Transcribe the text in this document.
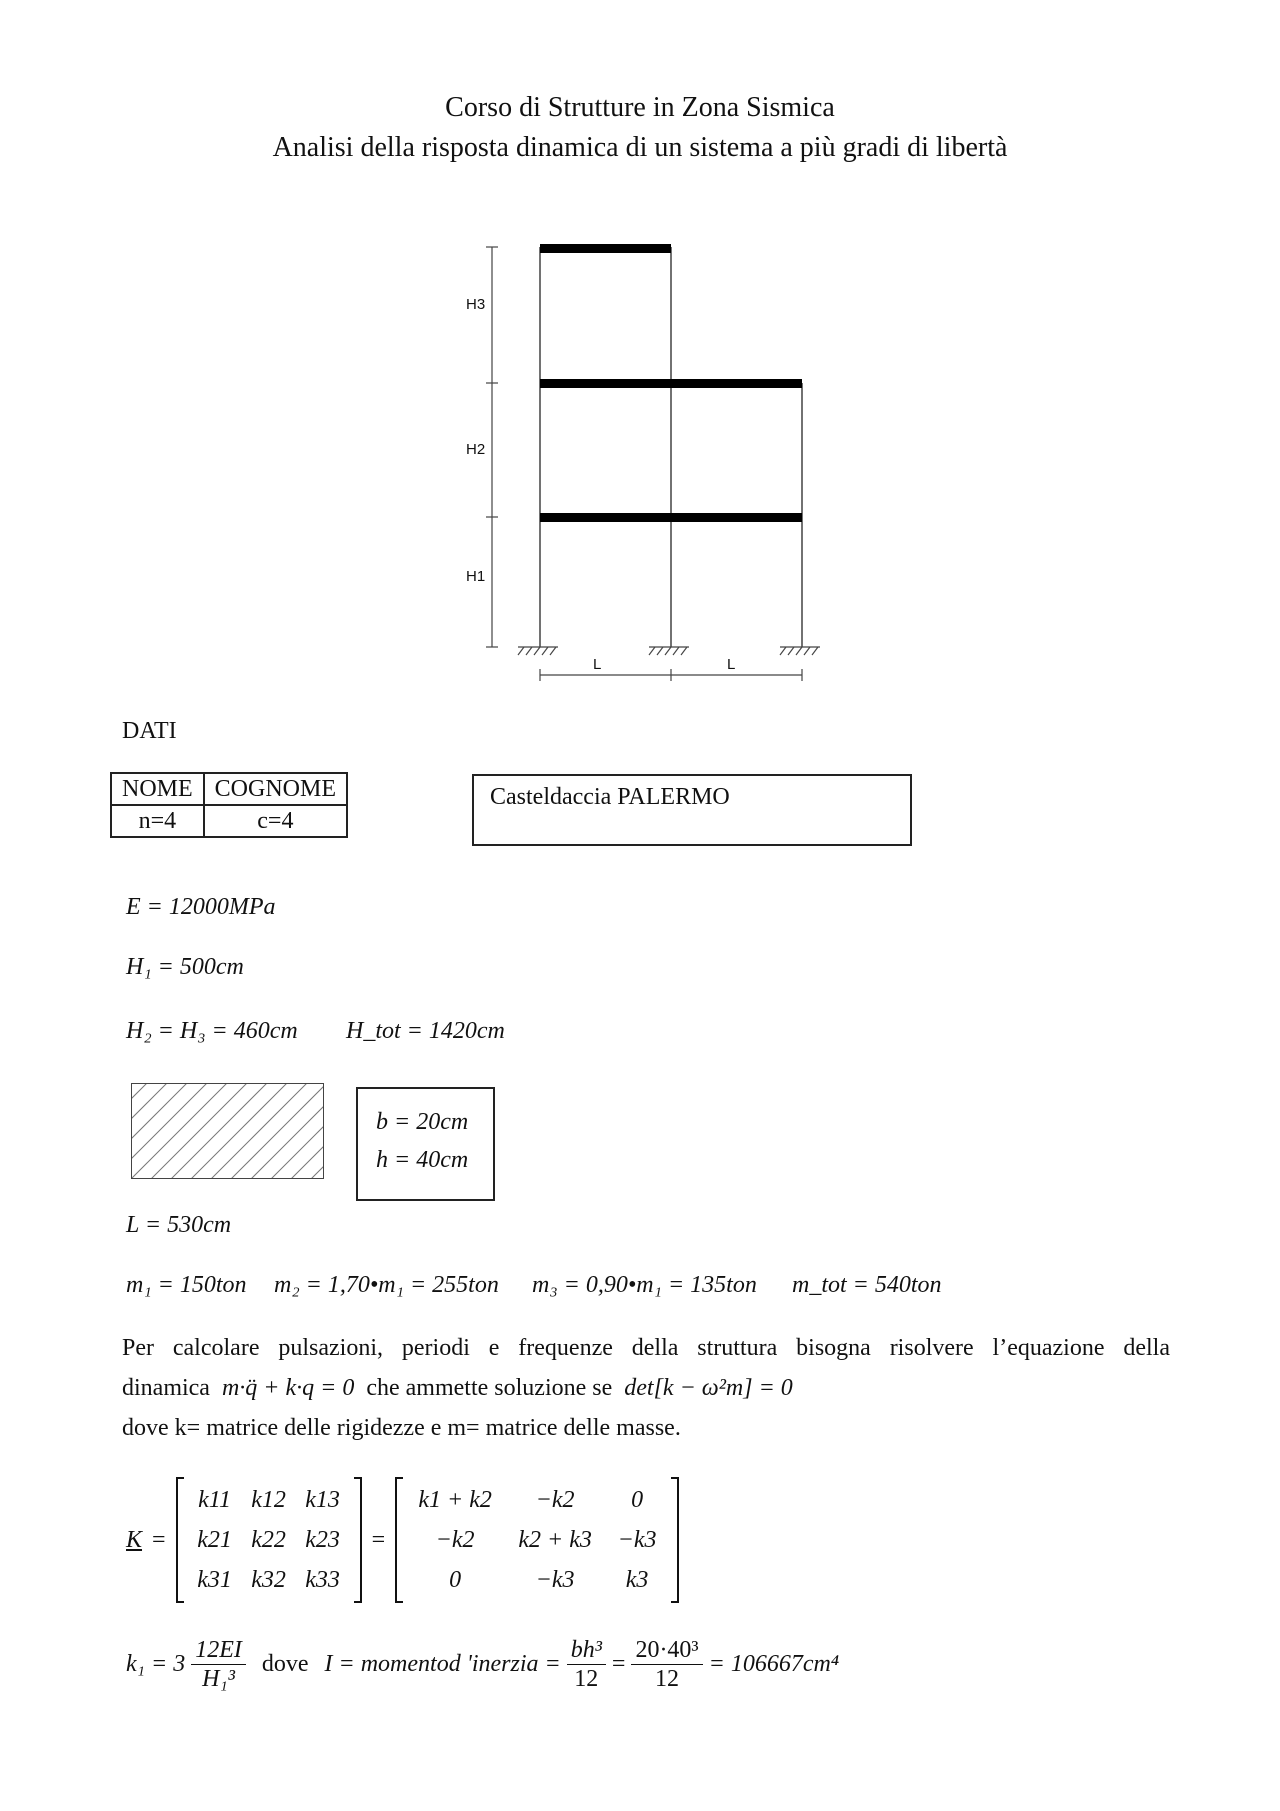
Corso di Strutture in Zona Sismica
Analisi della risposta dinamica di un sistema a più gradi di libertà
H3
H2
H1
L	L
DATI
NOME	COGNOME
n=4	c=4
Casteldaccia PALERMO
E = 12000MPa
H₁ = 500cm
H₂ = H₃ = 460cm H_tot = 1420cm
b = 20cm
h = 40cm
L = 530cm
m₁ = 150ton m₂ = 1,70•m₁ = 255ton m₃ = 0,90•m₁ = 135ton m_tot = 540ton
Per calcolare pulsazioni, periodi e frequenze della struttura bisogna risolvere l’equazione della
dinamica m·q̈ + k·q = 0 che ammette soluzione se det[k − ω²m] = 0
dove k= matrice delle rigidezze e m= matrice delle masse.
K =
k11 k12 k13
k21 k22 k23
k31 k32 k33
=
k1 + k2	−k2	0
−k2	k2 + k3	−k3
0	−k3	k3
$k_1 = 3 \frac{12EI}{\text{H₁³}}$ dove I = momentod 'inerzia = $\frac{\text{bh³}}{12} = \frac{\text{20·40³}}{12} = 106667cm^4$
